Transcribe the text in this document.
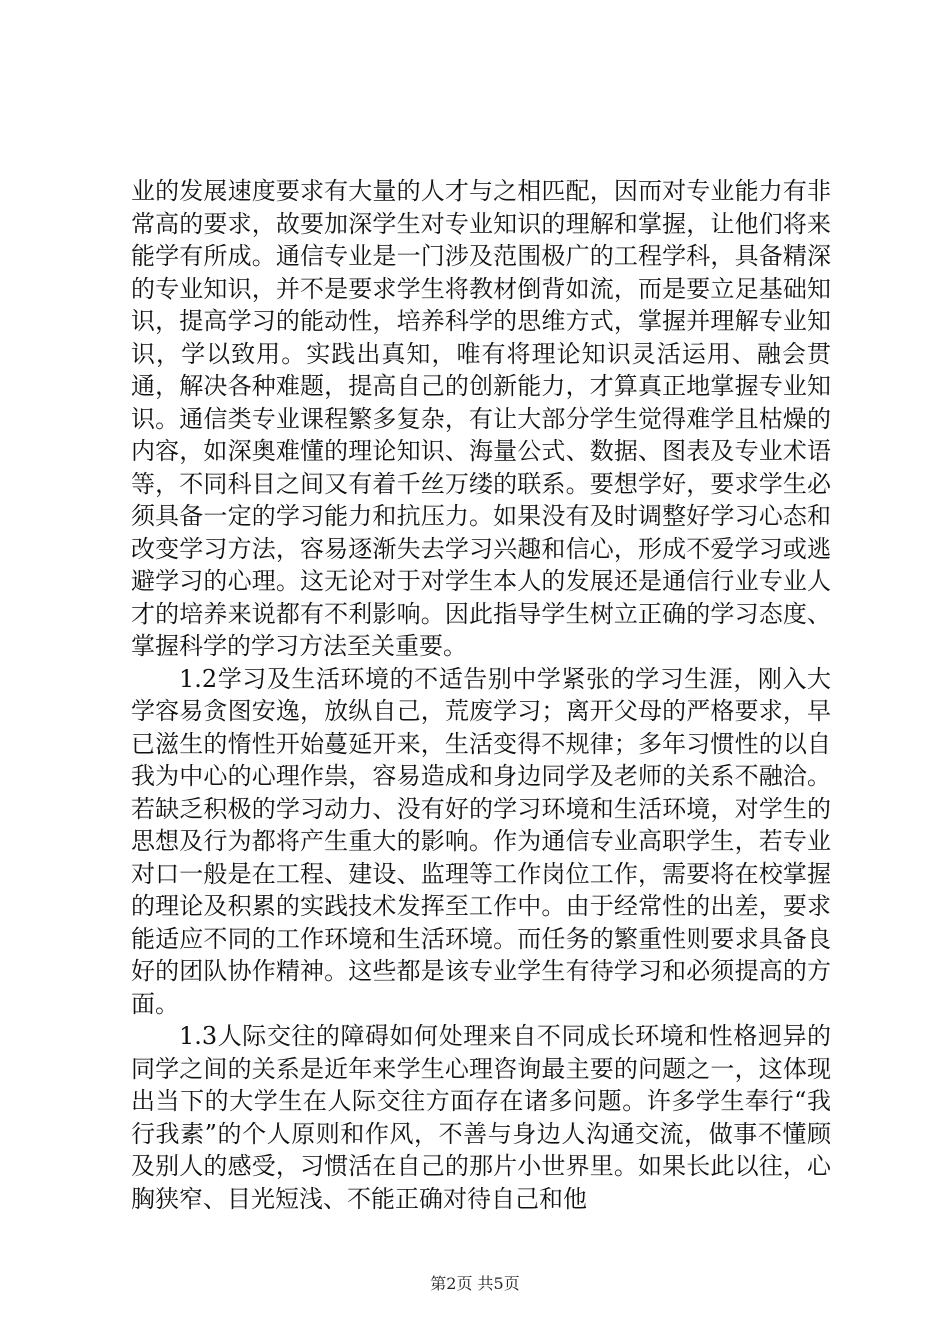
业的发展速度要求有大量的人才与之相匹配，因而对专业能力有非常高的要求，故要加深学生对专业知识的理解和掌握，让他们将来能学有所成。通信专业是一门涉及范围极广的工程学科，具备精深的专业知识，并不是要求学生将教材倒背如流，而是要立足基础知识，提高学习的能动性，培养科学的思维方式，掌握并理解专业知识，学以致用。实践出真知，唯有将理论知识灵活运用、融会贯通，解决各种难题，提高自己的创新能力，才算真正地掌握专业知识。通信类专业课程繁多复杂，有让大部分学生觉得难学且枯燥的内容，如深奥难懂的理论知识、海量公式、数据、图表及专业术语等，不同科目之间又有着千丝万缕的联系。要想学好，要求学生必须具备一定的学习能力和抗压力。如果没有及时调整好学习心态和改变学习方法，容易逐渐失去学习兴趣和信心，形成不爱学习或逃避学习的心理。这无论对于对学生本人的发展还是通信行业专业人才的培养来说都有不利影响。因此指导学生树立正确的学习态度、掌握科学的学习方法至关重要。

1.2学习及生活环境的不适告别中学紧张的学习生涯，刚入大学容易贪图安逸，放纵自己，荒废学习；离开父母的严格要求，早已滋生的惰性开始蔓延开来，生活变得不规律；多年习惯性的以自我为中心的心理作祟，容易造成和身边同学及老师的关系不融洽。若缺乏积极的学习动力、没有好的学习环境和生活环境，对学生的思想及行为都将产生重大的影响。作为通信专业高职学生，若专业对口一般是在工程、建设、监理等工作岗位工作，需要将在校掌握的理论及积累的实践技术发挥至工作中。由于经常性的出差，要求能适应不同的工作环境和生活环境。而任务的繁重性则要求具备良好的团队协作精神。这些都是该专业学生有待学习和必须提高的方面。

1.3人际交往的障碍如何处理来自不同成长环境和性格迥异的同学之间的关系是近年来学生心理咨询最主要的问题之一，这体现出当下的大学生在人际交往方面存在诸多问题。许多学生奉行“我行我素”的个人原则和作风，不善与身边人沟通交流，做事不懂顾及别人的感受，习惯活在自己的那片小世界里。如果长此以往，心胸狭窄、目光短浅、不能正确对待自己和他

第2页 共5页
